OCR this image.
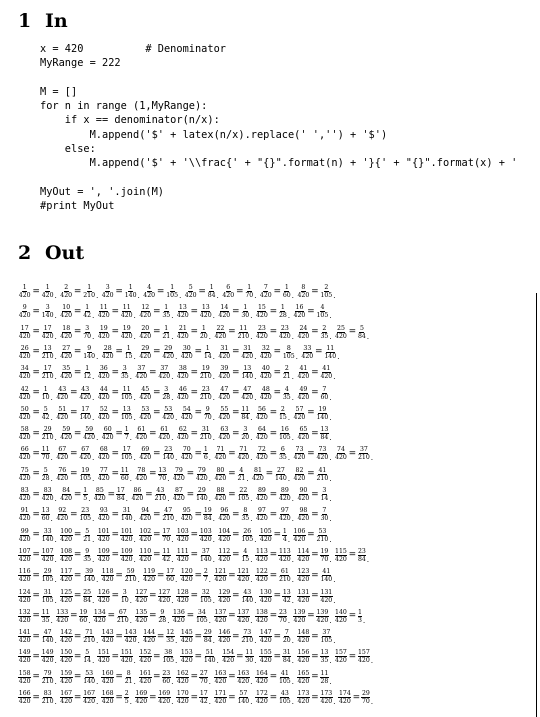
1 In
x = 420          # Denominator
MyRange = 222

M = []
for n in range (1,MyRange):
if x == denominator(n/x):
M.append('$' + latex(n/x).replace(' ','') + '$')
else:
M.append('$' + '\\frac{' + "{}".format(n) + '}{' + "{}".format(x) + '

MyOut = ', '.join(M)
#print MyOut
2 Out
$\frac{1}{420} = \frac{1}{420}$ , $\frac{2}{420} = \frac{1}{210}$ , $\frac{3}{420} = \frac{1}{140}$ , $\frac{4}{420} = \frac{1}{105}$ , $\frac{5}{420} = \frac{1}{84}$ , $\frac{6}{420} = \frac{1}{70}$ , $\frac{7}{420} = \frac{1}{60}$ , $\frac{8}{420} = \frac{2}{105}$ ,
$\frac{9}{420} = \frac{3}{140}$ , $\frac{10}{420} = \frac{1}{42}$ , $\frac{11}{420} = \frac{11}{420}$ , $\frac{12}{420} = \frac{1}{35}$ , $\frac{13}{420} = \frac{13}{420}$ , $\frac{14}{420} = \frac{1}{30}$ , $\frac{15}{420} = \frac{1}{28}$ , $\frac{16}{420} = \frac{4}{105}$ ,
$\frac{17}{420} = \frac{17}{420}$ , $\frac{18}{420} = \frac{3}{70}$ , $\frac{19}{420} = \frac{19}{420}$ , $\frac{20}{420} = \frac{1}{21}$ , $\frac{21}{420} = \frac{1}{20}$ , $\frac{22}{420} = \frac{11}{210}$ , $\frac{23}{420} = \frac{23}{420}$ , $\frac{24}{420} = \frac{2}{35}$ , $\frac{25}{420} = \frac{5}{84}$ ,
$\frac{26}{420} = \frac{13}{210}$ , $\frac{27}{420} = \frac{9}{140}$ , $\frac{28}{420} = \frac{1}{15}$ , $\frac{29}{420} = \frac{29}{420}$ , $\frac{30}{420} = \frac{1}{14}$ , $\frac{31}{420} = \frac{31}{420}$ , $\frac{32}{420} = \frac{8}{105}$ , $\frac{33}{420} = \frac{11}{140}$ ,
$\frac{34}{420} = \frac{17}{210}$ , $\frac{35}{420} = \frac{1}{12}$ , $\frac{36}{420} = \frac{3}{35}$ , $\frac{37}{420} = \frac{37}{420}$ , $\frac{38}{420} = \frac{19}{210}$ , $\frac{39}{420} = \frac{13}{140}$ , $\frac{40}{420} = \frac{2}{21}$ , $\frac{41}{420} = \frac{41}{420}$ ,
$\frac{42}{420} = \frac{1}{10}$ , $\frac{43}{420} = \frac{43}{420}$ , $\frac{44}{420} = \frac{11}{105}$ , $\frac{45}{420} = \frac{3}{28}$ , $\frac{46}{420} = \frac{23}{210}$ , $\frac{47}{420} = \frac{47}{420}$ , $\frac{48}{420} = \frac{4}{35}$ , $\frac{49}{420} = \frac{7}{60}$ ,
$\frac{50}{420} = \frac{5}{42}$ , $\frac{51}{420} = \frac{17}{140}$ , $\frac{52}{420} = \frac{13}{105}$ , $\frac{53}{420} = \frac{53}{420}$ , $\frac{54}{420} = \frac{9}{70}$ , $\frac{55}{420} = \frac{11}{84}$ , $\frac{56}{420} = \frac{2}{15}$ , $\frac{57}{420} = \frac{19}{140}$ ,
$\frac{58}{420} = \frac{29}{210}$ , $\frac{59}{420} = \frac{59}{420}$ , $\frac{60}{420} = \frac{1}{7}$ , $\frac{61}{420} = \frac{61}{420}$ , $\frac{62}{420} = \frac{31}{210}$ , $\frac{63}{420} = \frac{3}{20}$ , $\frac{64}{420} = \frac{16}{105}$ , $\frac{65}{420} = \frac{13}{84}$ ,
$\frac{66}{420} = \frac{11}{70}$ , $\frac{67}{420} = \frac{67}{420}$ , $\frac{68}{420} = \frac{17}{105}$ , $\frac{69}{420} = \frac{23}{140}$ , $\frac{70}{420} = \frac{1}{6}$ , $\frac{71}{420} = \frac{71}{420}$ , $\frac{72}{420} = \frac{6}{35}$ , $\frac{73}{420} = \frac{73}{420}$ , $\frac{74}{420} = \frac{37}{210}$ ,
$\frac{75}{420} = \frac{5}{28}$ , $\frac{76}{420} = \frac{19}{105}$ , $\frac{77}{420} = \frac{11}{60}$ , $\frac{78}{420} = \frac{13}{70}$ , $\frac{79}{420} = \frac{79}{420}$ , $\frac{80}{420} = \frac{4}{21}$ , $\frac{81}{420} = \frac{27}{140}$ , $\frac{82}{420} = \frac{41}{210}$ ,
$\frac{83}{420} = \frac{83}{420}$ , $\frac{84}{420} = \frac{1}{5}$ , $\frac{85}{420} = \frac{17}{84}$ , $\frac{86}{420} = \frac{43}{210}$ , $\frac{87}{420} = \frac{29}{140}$ , $\frac{88}{420} = \frac{22}{105}$ , $\frac{89}{420} = \frac{89}{420}$ , $\frac{90}{420} = \frac{3}{14}$ ,
$\frac{91}{420} = \frac{13}{60}$ , $\frac{92}{420} = \frac{23}{105}$ , $\frac{93}{420} = \frac{31}{140}$ , $\frac{94}{420} = \frac{47}{210}$ , $\frac{95}{420} = \frac{19}{84}$ , $\frac{96}{420} = \frac{8}{35}$ , $\frac{97}{420} = \frac{97}{420}$ , $\frac{98}{420} = \frac{7}{30}$ ,
$\frac{99}{420} = \frac{33}{140}$ , $\frac{100}{420} = \frac{5}{21}$ , $\frac{101}{420} = \frac{101}{420}$ , $\frac{102}{420} = \frac{17}{70}$ , $\frac{103}{420} = \frac{103}{420}$ , $\frac{104}{420} = \frac{26}{105}$ , $\frac{105}{420} = \frac{1}{4}$ , $\frac{106}{420} = \frac{53}{210}$ ,
$\frac{107}{420} = \frac{107}{420}$ , $\frac{108}{420} = \frac{9}{35}$ , $\frac{109}{420} = \frac{109}{420}$ , $\frac{110}{420} = \frac{11}{42}$ , $\frac{111}{420} = \frac{37}{140}$ , $\frac{112}{420} = \frac{4}{15}$ , $\frac{113}{420} = \frac{113}{420}$ , $\frac{114}{420} = \frac{19}{70}$ , $\frac{115}{420} = \frac{23}{84}$ ,
$\frac{116}{420} = \frac{29}{105}$ , $\frac{117}{420} = \frac{39}{140}$ , $\frac{118}{420} = \frac{59}{210}$ , $\frac{119}{420} = \frac{17}{60}$ , $\frac{120}{420} = \frac{2}{7}$ , $\frac{121}{420} = \frac{121}{420}$ , $\frac{122}{420} = \frac{61}{210}$ , $\frac{123}{420} = \frac{41}{140}$ ,
$\frac{124}{420} = \frac{31}{105}$ , $\frac{125}{420} = \frac{25}{84}$ , $\frac{126}{420} = \frac{3}{10}$ , $\frac{127}{420} = \frac{127}{420}$ , $\frac{128}{420} = \frac{32}{105}$ , $\frac{129}{420} = \frac{43}{140}$ , $\frac{130}{420} = \frac{13}{42}$ , $\frac{131}{420} = \frac{131}{420}$ ,
$\frac{132}{420} = \frac{11}{35}$ , $\frac{133}{420} = \frac{19}{60}$ , $\frac{134}{420} = \frac{67}{210}$ , $\frac{135}{420} = \frac{9}{28}$ , $\frac{136}{420} = \frac{34}{105}$ , $\frac{137}{420} = \frac{137}{420}$ , $\frac{138}{420} = \frac{23}{70}$ , $\frac{139}{420} = \frac{139}{420}$ , $\frac{140}{420} = \frac{1}{3}$ ,
$\frac{141}{420} = \frac{47}{140}$ , $\frac{142}{420} = \frac{71}{210}$ , $\frac{143}{420} = \frac{143}{420}$ , $\frac{144}{420} = \frac{12}{35}$ , $\frac{145}{420} = \frac{29}{84}$ , $\frac{146}{420} = \frac{73}{210}$ , $\frac{147}{420} = \frac{7}{20}$ , $\frac{148}{420} = \frac{37}{105}$ ,
$\frac{149}{420} = \frac{149}{420}$ , $\frac{150}{420} = \frac{5}{14}$ , $\frac{151}{420} = \frac{151}{420}$ , $\frac{152}{420} = \frac{38}{105}$ , $\frac{153}{420} = \frac{51}{140}$ , $\frac{154}{420} = \frac{11}{30}$ , $\frac{155}{420} = \frac{31}{84}$ , $\frac{156}{420} = \frac{13}{35}$ , $\frac{157}{420} = \frac{157}{420}$ ,
$\frac{158}{420} = \frac{79}{210}$ , $\frac{159}{420} = \frac{53}{140}$ , $\frac{160}{420} = \frac{8}{21}$ , $\frac{161}{420} = \frac{23}{60}$ , $\frac{162}{420} = \frac{27}{70}$ , $\frac{163}{420} = \frac{163}{420}$ , $\frac{164}{420} = \frac{41}{105}$ , $\frac{165}{420} = \frac{11}{28}$ ,
$\frac{166}{420} = \frac{83}{210}$ , $\frac{167}{420} = \frac{167}{420}$ , $\frac{168}{420} = \frac{2}{5}$ , $\frac{169}{420} = \frac{169}{420}$ , $\frac{170}{420} = \frac{17}{42}$ , $\frac{171}{420} = \frac{57}{140}$ , $\frac{172}{420} = \frac{43}{105}$ , $\frac{173}{420} = \frac{173}{420}$ , $\frac{174}{420} = \frac{29}{70}$ ,
